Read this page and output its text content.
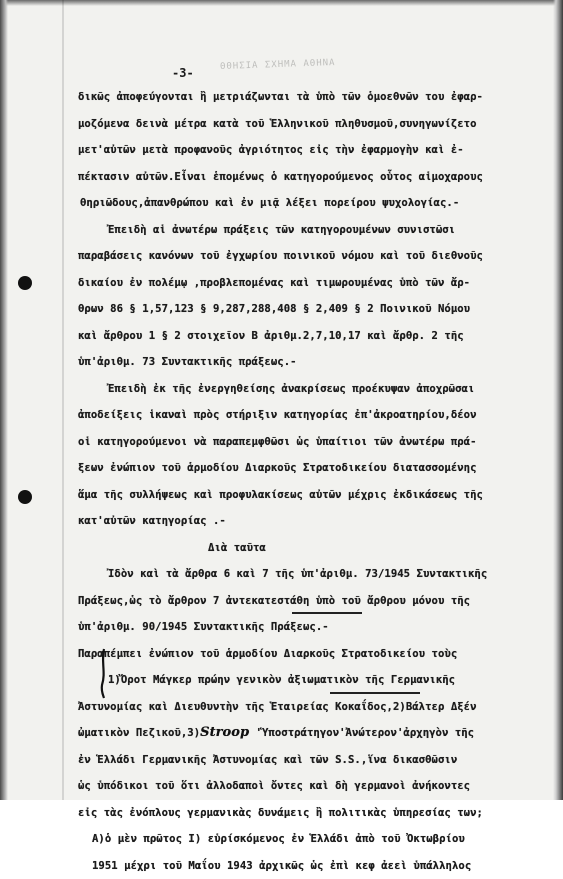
ΘΘΗΣΙΑ ΣΧΗΜΑ ΑΘΗΝΑ
-3-
δικῶς ἀποφεύγονται ἢ μετριάζωνται τὰ ὑπὸ τῶν ὁμοεθνῶν του ἐφαρ-
μοζόμενα δεινὰ μέτρα κατὰ τοῦ Ἑλληνικοῦ πληθυσμοῦ,συνηγωνίζετο
μετ'αὐτῶν μετὰ προφανοῦς ἀγριότητος εἰς τὴν ἐφαρμογὴν καὶ ἐ-
πέκτασιν αὐτῶν.Εἶναι ἑπομένως ὁ κατηγορούμενος οὗτος αἱμοχαρους
θηριῶδους,ἀπανθρώπου καὶ ἐν μιᾷ λέξει πορείρου ψυχολογίας.-
Ἐπειδὴ αἱ ἀνωτέρω πράξεις τῶν κατηγορουμένων συνιστῶσι
παραβάσεις κανόνων τοῦ ἐγχωρίου ποινικοῦ νόμου καὶ τοῦ διεθνοῦς
δικαίου ἐν πολέμῳ ,προβλεπομένας καὶ τιμωρουμένας ὑπὸ τῶν ἄρ-
θρων 86 § 1,57,123 § 9,287,288,408 § 2,409 § 2 Ποινικοῦ Νόμου
καὶ ἄρθρου 1 § 2 στοιχεῖον Β ἀριθμ.2,7,10,17 καὶ ἄρθρ. 2 τῆς
ὑπ'ἀριθμ. 73 Συντακτικῆς πράξεως.-
Ἐπειδὴ ἐκ τῆς ἐνεργηθείσης ἀνακρίσεως προέκυψαν ἀποχρῶσαι
ἀποδείξεις ἱκαναὶ πρὸς στήριξιν κατηγορίας ἐπ'ἀκροατηρίου,δέον
οἱ κατηγορούμενοι νὰ παραπεμφθῶσι ὡς ὑπαίτιοι τῶν ἀνωτέρω πρά-
ξεων ἐνώπιον τοῦ ἁρμοδίου Διαρκοῦς Στρατοδικείου διατασσομένης
ἅμα τῆς συλλήψεως καὶ προφυλακίσεως αὐτῶν μέχρις ἐκδικάσεως τῆς
κατ'αὐτῶν κατηγορίας .-
Διὰ ταῦτα
Ἰδὸν καὶ τὰ ἄρθρα 6 καὶ 7 τῆς ὑπ'ἀριθμ. 73/1945 Συντακτικῆς
Πράξεως,ὡς τὸ ἄρθρον 7 ἀντεκατεστάθη ὑπὸ τοῦ ἄρθρου μόνου τῆς
ὑπ'ἀριθμ. 90/1945 Συντακτικῆς Πράξεως.-
Παραπέμπει ἐνώπιον τοῦ ἁρμοδίου Διαρκοῦς Στρατοδικείου τοὺς
1)Ὄροτ Μάγκερ πρώην γενικὸν ἀξιωματικὸν τῆς Γερμανικῆς
Ἀστυνομίας καὶ Διευθυντὴν τῆς Ἑταιρείας Κοκαΐδος,2)Βάλτερ Δξέν
ὠματικὸν Πεζικοῦ,3)Stroop 'Ὑποστράτηγον'Ἀνώτερον'ἀρχηγὸν τῆς
ἐν Ἑλλάδι Γερμανικῆς Ἀστυνομίας καὶ τῶν S.S.,ἵνα δικασθῶσιν
ὡς ὑπόδικοι τοῦ ὅτι ἀλλοδαποὶ ὄντες καὶ δὴ γερμανοὶ ἀνήκοντες
εἰς τὰς ἐνόπλους γερμανικὰς δυνάμεις ἢ πολιτικὰς ὑπηρεσίας των;
Α)ὁ μὲν πρῶτος I) εὑρίσκόμενος ἐν Ἑλλάδι ἀπὸ τοῦ Ὀκτωβρίου
1951 μέχρι τοῦ Μαΐου 1943 ἀρχικῶς ὡς ἐπὶ κεφ ἀεεὶ ὑπάλληλος
